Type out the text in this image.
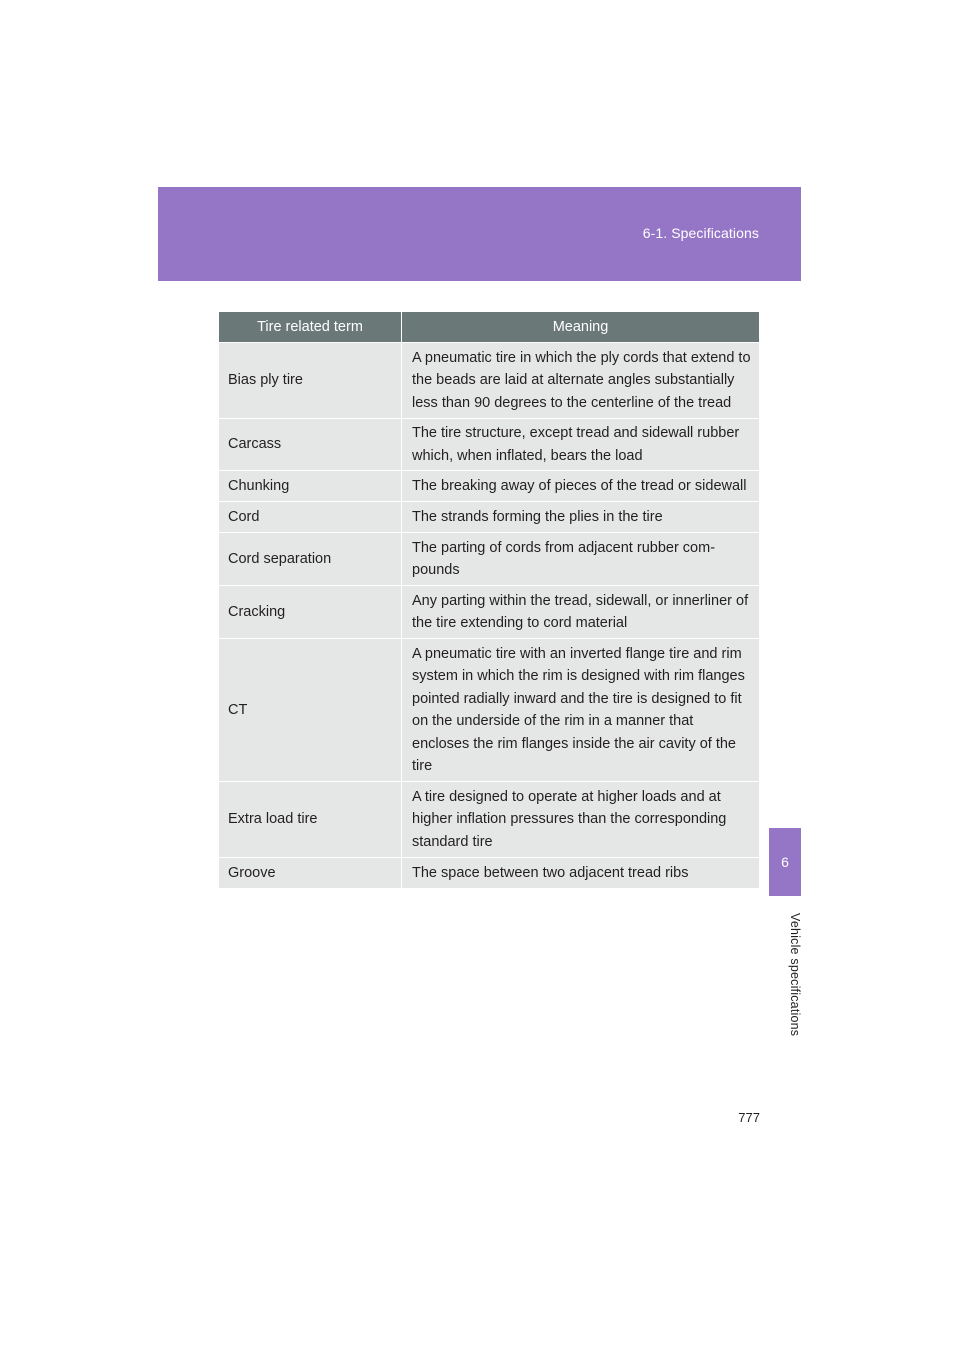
6-1. Specifications
Tire related term	Meaning
Bias ply tire	A pneumatic tire in which the ply cords that extend to the beads are laid at alternate angles substantially less than 90 degrees to the centerline of the tread
Carcass	The tire structure, except tread and sidewall rubber which, when inflated, bears the load
Chunking	The breaking away of pieces of the tread or sidewall
Cord	The strands forming the plies in the tire
Cord separation	The parting of cords from adjacent rubber com- pounds
Cracking	Any parting within the tread, sidewall, or innerliner of the tire extending to cord material
CT	A pneumatic tire with an inverted flange tire and rim system in which the rim is designed with rim flanges pointed radially inward and the tire is designed to fit on the underside of the rim in a manner that encloses the rim flanges inside the air cavity of the tire
Extra load tire	A tire designed to operate at higher loads and at higher inflation pressures than the corresponding standard tire
Groove	The space between two adjacent tread ribs
6
Vehicle specifications
777
